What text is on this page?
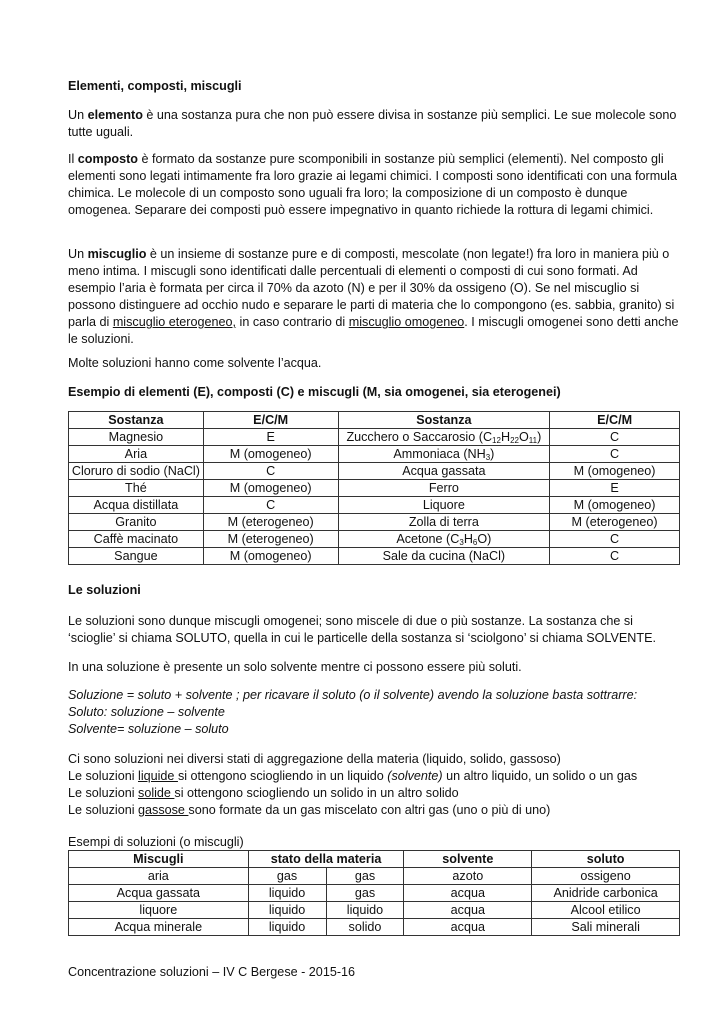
Elementi, composti, miscugli

Un elemento è una sostanza pura che non può essere divisa in sostanze più semplici. Le sue molecole sono tutte uguali.

Il composto è formato da sostanze pure scomponibili in sostanze più semplici (elementi). Nel composto gli elementi sono legati intimamente fra loro grazie ai legami chimici. I composti sono identificati con una formula chimica. Le molecole di un composto sono uguali fra loro; la composizione di un composto è dunque omogenea. Separare dei composti può essere impegnativo in quanto richiede la rottura di legami chimici.

Un miscuglio è un insieme di sostanze pure e di composti, mescolate (non legate!) fra loro in maniera più o meno intima. I miscugli sono identificati dalle percentuali di elementi o composti di cui sono formati. Ad esempio l’aria è formata per circa il 70% da azoto (N) e per il 30% da ossigeno (O). Se nel miscuglio si possono distinguere ad occhio nudo e separare le parti di materia che lo compongono (es. sabbia, granito) si parla di miscuglio eterogeneo, in caso contrario di miscuglio omogeneo. I miscugli omogenei sono detti anche le soluzioni.

Molte soluzioni hanno come solvente l’acqua.

Esempio di elementi (E), composti (C) e miscugli (M, sia omogenei, sia eterogenei)

Sostanza	E/C/M	Sostanza	E/C/M
Magnesio	E	Zucchero o Saccarosio $(C_{12}H_{22}O_{11})$	C
Aria	M (omogeneo)	Ammoniaca $(NH_3)$	C
Cloruro di sodio (NaCl)	C	Acqua gassata	M (omogeneo)
Thé	M (omogeneo)	Ferro	E
Acqua distillata	C	Liquore	M (omogeneo)
Granito	M (eterogeneo)	Zolla di terra	M (eterogeneo)
Caffè macinato	M (eterogeneo)	Acetone $(C_3H_6O)$	C
Sangue	M (omogeneo)	Sale da cucina (NaCl)	C

Le soluzioni

Le soluzioni sono dunque miscugli omogenei; sono miscele di due o più sostanze. La sostanza che si ‘scioglie’ si chiama SOLUTO, quella in cui le particelle della sostanza si ‘sciolgono’ si chiama SOLVENTE.

In una soluzione è presente un solo solvente mentre ci possono essere più soluti.

Soluzione = soluto + solvente ; per ricavare il soluto (o il solvente) avendo la soluzione basta sottrarre:

Soluto: soluzione – solvente

Solvente= soluzione – soluto

Ci sono soluzioni nei diversi stati di aggregazione della materia (liquido, solido, gassoso)

Le soluzioni liquide si ottengono sciogliendo in un liquido (solvente) un altro liquido, un solido o un gas

Le soluzioni solide si ottengono sciogliendo un solido in un altro solido

Le soluzioni gassose sono formate da un gas miscelato con altri gas (uno o più di uno)

Esempi di soluzioni (o miscugli)

Miscugli	stato della materia		solvente	soluto
aria	gas	gas	azoto	ossigeno
Acqua gassata	liquido	gas	acqua	Anidride carbonica
liquore	liquido	liquido	acqua	Alcool etilico
Acqua minerale	liquido	solido	acqua	Sali minerali

Concentrazione soluzioni – IV C Bergese - 2015-16
